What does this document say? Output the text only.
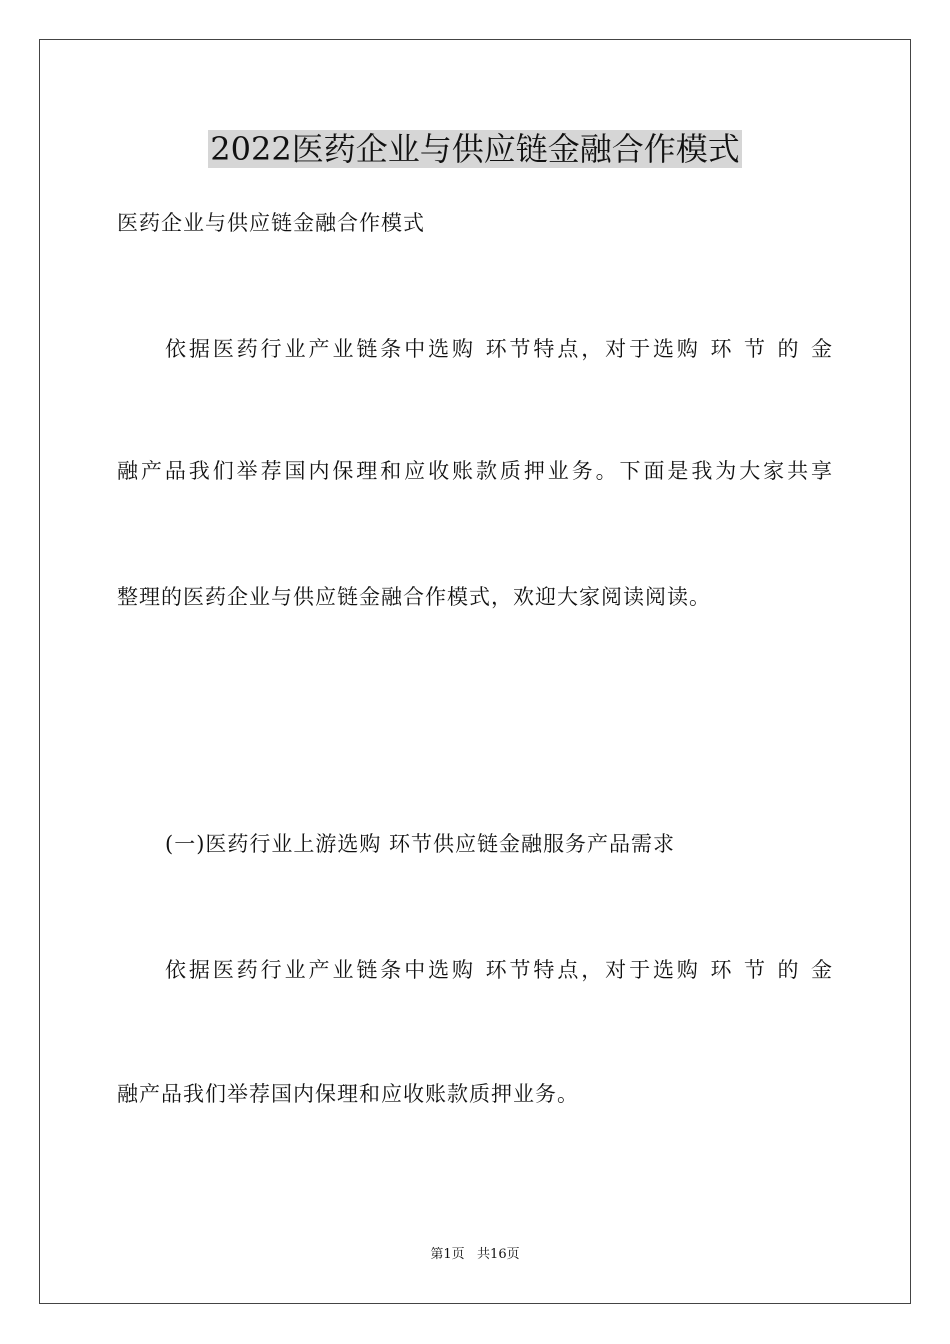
2022医药企业与供应链金融合作模式
医药企业与供应链金融合作模式
依据医药行业产业链条中选购 环节特点，对于选购 环 节 的 金
融产品我们举荐国内保理和应收账款质押业务。下面是我为大家共享
整理的医药企业与供应链金融合作模式，欢迎大家阅读阅读。
(一)医药行业上游选购 环节供应链金融服务产品需求
依据医药行业产业链条中选购 环节特点，对于选购 环 节 的 金
融产品我们举荐国内保理和应收账款质押业务。
第1页   共16页
